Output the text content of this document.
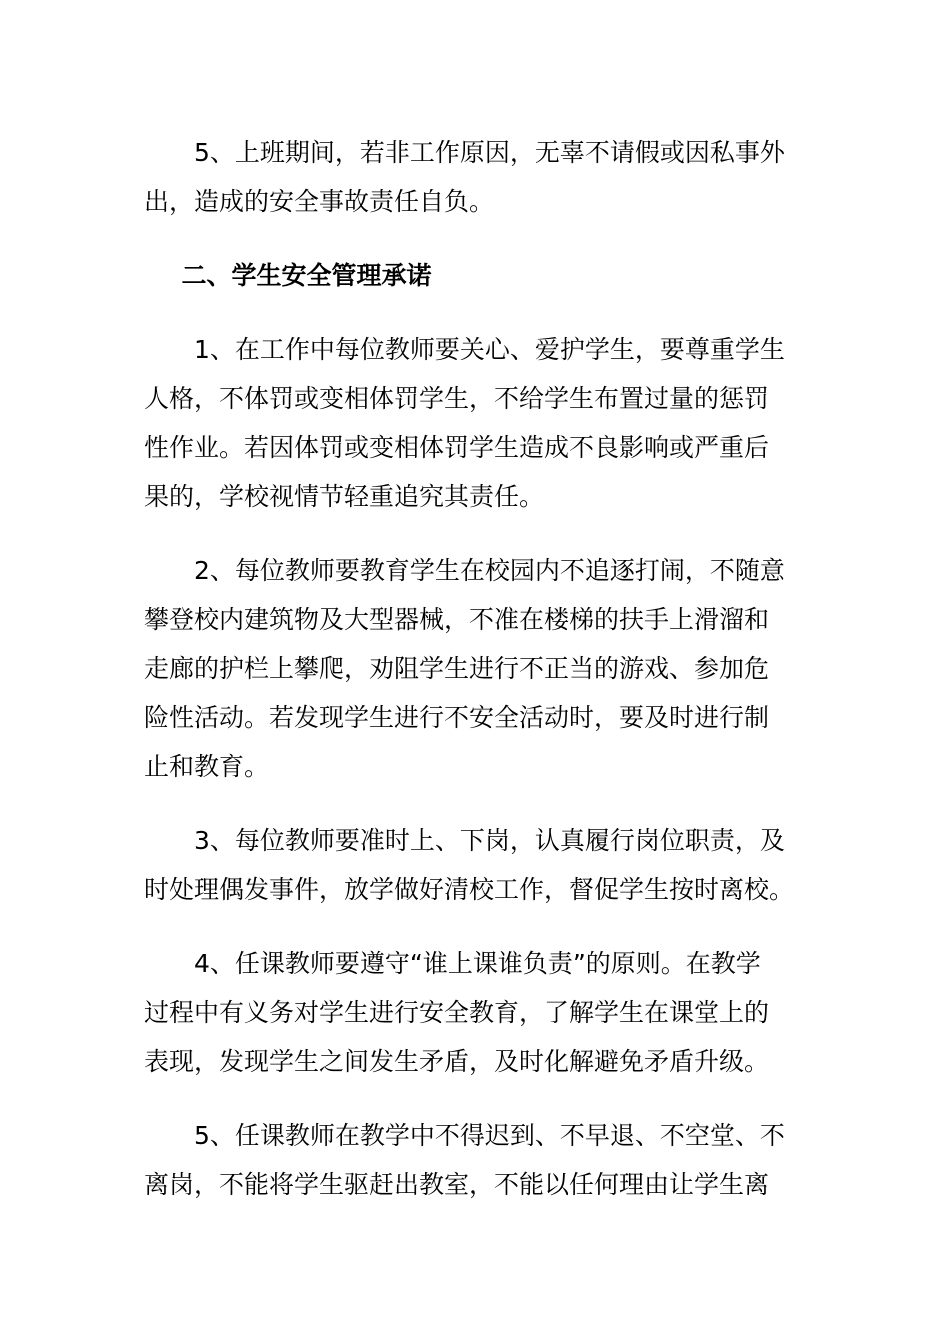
5、上班期间，若非工作原因，无辜不请假或因私事外
出，造成的安全事故责任自负。

二、学生安全管理承诺

1、在工作中每位教师要关心、爱护学生，要尊重学生
人格，不体罚或变相体罚学生，不给学生布置过量的惩罚
性作业。若因体罚或变相体罚学生造成不良影响或严重后
果的，学校视情节轻重追究其责任。

2、每位教师要教育学生在校园内不追逐打闹，不随意
攀登校内建筑物及大型器械，不准在楼梯的扶手上滑溜和
走廊的护栏上攀爬，劝阻学生进行不正当的游戏、参加危
险性活动。若发现学生进行不安全活动时，要及时进行制
止和教育。

3、每位教师要准时上、下岗，认真履行岗位职责，及
时处理偶发事件，放学做好清校工作，督促学生按时离校。

4、任课教师要遵守“谁上课谁负责”的原则。在教学
过程中有义务对学生进行安全教育，了解学生在课堂上的
表现，发现学生之间发生矛盾，及时化解避免矛盾升级。

5、任课教师在教学中不得迟到、不早退、不空堂、不
离岗，不能将学生驱赶出教室，不能以任何理由让学生离
